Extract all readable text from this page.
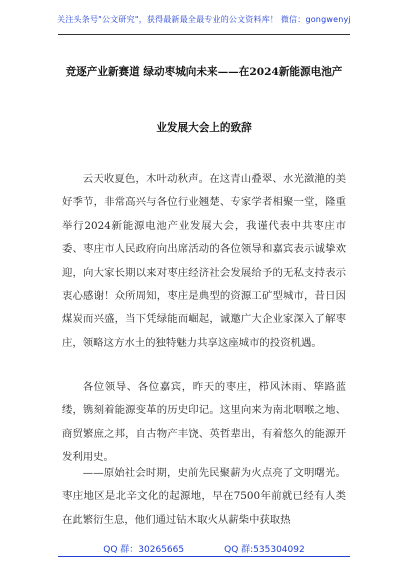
关注头条号"公文研究"，获得最新最全最专业的公文资料库！ 微信：gongwenyj
竞逐产业新赛道 绿动枣城向未来——在2024新能源电池产
业发展大会上的致辞
云天收夏色，木叶动秋声。在这青山叠翠、水光潋滟的美好季节，非常高兴与各位行业翘楚、专家学者相聚一堂，隆重举行2024新能源电池产业发展大会，我谨代表中共枣庄市委、枣庄市人民政府向出席活动的各位领导和嘉宾表示诚挚欢迎，向大家长期以来对枣庄经济社会发展给予的无私支持表示衷心感谢！众所周知，枣庄是典型的资源工矿型城市，昔日因煤炭而兴盛，当下凭绿能而崛起，诚邀广大企业家深入了解枣庄，领略这方水土的独特魅力共享这座城市的投资机遇。
各位领导、各位嘉宾，昨天的枣庄，栉风沐雨、筚路蓝缕，镌刻着能源变革的历史印记。这里向来为南北咽喉之地、商贸繁庶之邦，自古物产丰饶、英哲辈出，有着悠久的能源开发利用史。
——原始社会时期，史前先民聚薪为火点亮了文明曙光。枣庄地区是北辛文化的起源地，早在7500年前就已经有人类在此繁衍生息，他们通过钻木取火从薪柴中获取热
QQ 群：30265665	QQ 群:535304092
